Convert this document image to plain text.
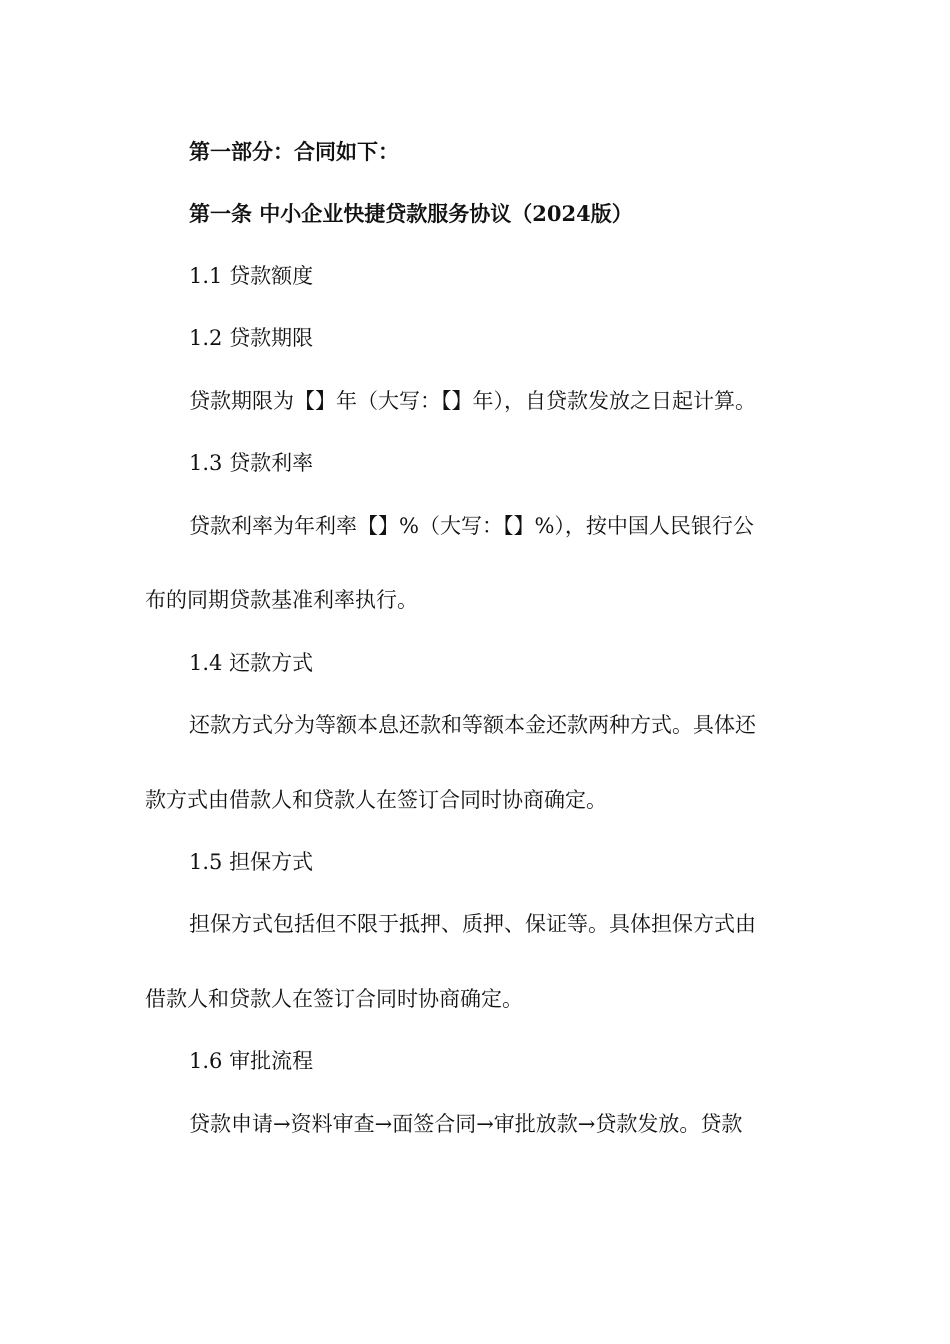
第一部分：合同如下：

第一条 中小企业快捷贷款服务协议（2024版）

1.1 贷款额度

1.2 贷款期限

贷款期限为【】年（大写：【】年），自贷款发放之日起计算。

1.3 贷款利率

贷款利率为年利率【】%（大写：【】%），按中国人民银行公

布的同期贷款基准利率执行。

1.4 还款方式

还款方式分为等额本息还款和等额本金还款两种方式。具体还

款方式由借款人和贷款人在签订合同时协商确定。

1.5 担保方式

担保方式包括但不限于抵押、质押、保证等。具体担保方式由

借款人和贷款人在签订合同时协商确定。

1.6 审批流程

贷款申请→资料审查→面签合同→审批放款→贷款发放。贷款
